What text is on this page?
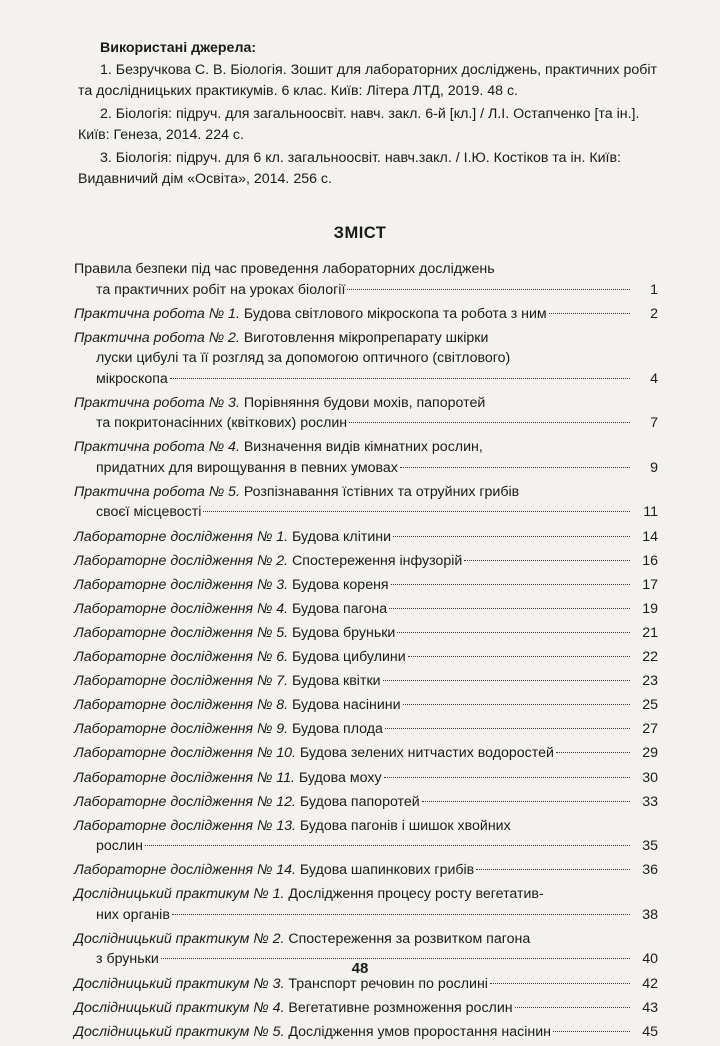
Використані джерела:

1. Безручкова С. В. Біологія. Зошит для лабораторних досліджень, практичних робіт та дослідницьких практикумів. 6 клас. Київ: Літера ЛТД, 2019. 48 с.

2. Біологія: підруч. для загальноосвіт. навч. закл. 6-й [кл.] / Л.І. Остапченко [та ін.]. Київ: Генеза, 2014. 224 с.

3. Біологія: підруч. для 6 кл. загальноосвіт. навч.закл. / І.Ю. Костіков та ін. Київ: Видавничий дім «Освіта», 2014. 256 с.

ЗМІСТ
Правила безпеки під час проведення лабораторних досліджень
та практичних робіт на уроках біології	1
Практична робота № 1. Будова світлового мікроскопа та робота з ним	2
Практична робота № 2. Виготовлення мікропрепарату шкірки
луски цибулі та її розгляд за допомогою оптичного (світлового)
мікроскопа	4
Практична робота № 3. Порівняння будови мохів, папоротей
та покритонасінних (квіткових) рослин	7
Практична робота № 4. Визначення видів кімнатних рослин,
придатних для вирощування в певних умовах	9
Практична робота № 5. Розпізнавання їстівних та отруйних грибів
своєї місцевості	11
Лабораторне дослідження № 1. Будова клітини	14
Лабораторне дослідження № 2. Спостереження інфузорій	16
Лабораторне дослідження № 3. Будова кореня	17
Лабораторне дослідження № 4. Будова пагона	19
Лабораторне дослідження № 5. Будова бруньки	21
Лабораторне дослідження № 6. Будова цибулини	22
Лабораторне дослідження № 7. Будова квітки	23
Лабораторне дослідження № 8. Будова насінини	25
Лабораторне дослідження № 9. Будова плода	27
Лабораторне дослідження № 10. Будова зелених нитчастих водоростей	29
Лабораторне дослідження № 11. Будова моху	30
Лабораторне дослідження № 12. Будова папоротей	33
Лабораторне дослідження № 13. Будова пагонів і шишок хвойних
рослин	35
Лабораторне дослідження № 14. Будова шапинкових грибів	36
Дослідницький практикум № 1. Дослідження процесу росту вегетатив-
них органів	38
Дослідницький практикум № 2. Спостереження за розвитком пагона
з бруньки	40
Дослідницький практикум № 3. Транспорт речовин по рослині	42
Дослідницький практикум № 4. Вегетативне розмноження рослин	43
Дослідницький практикум № 5. Дослідження умов проростання насінин	45
48
